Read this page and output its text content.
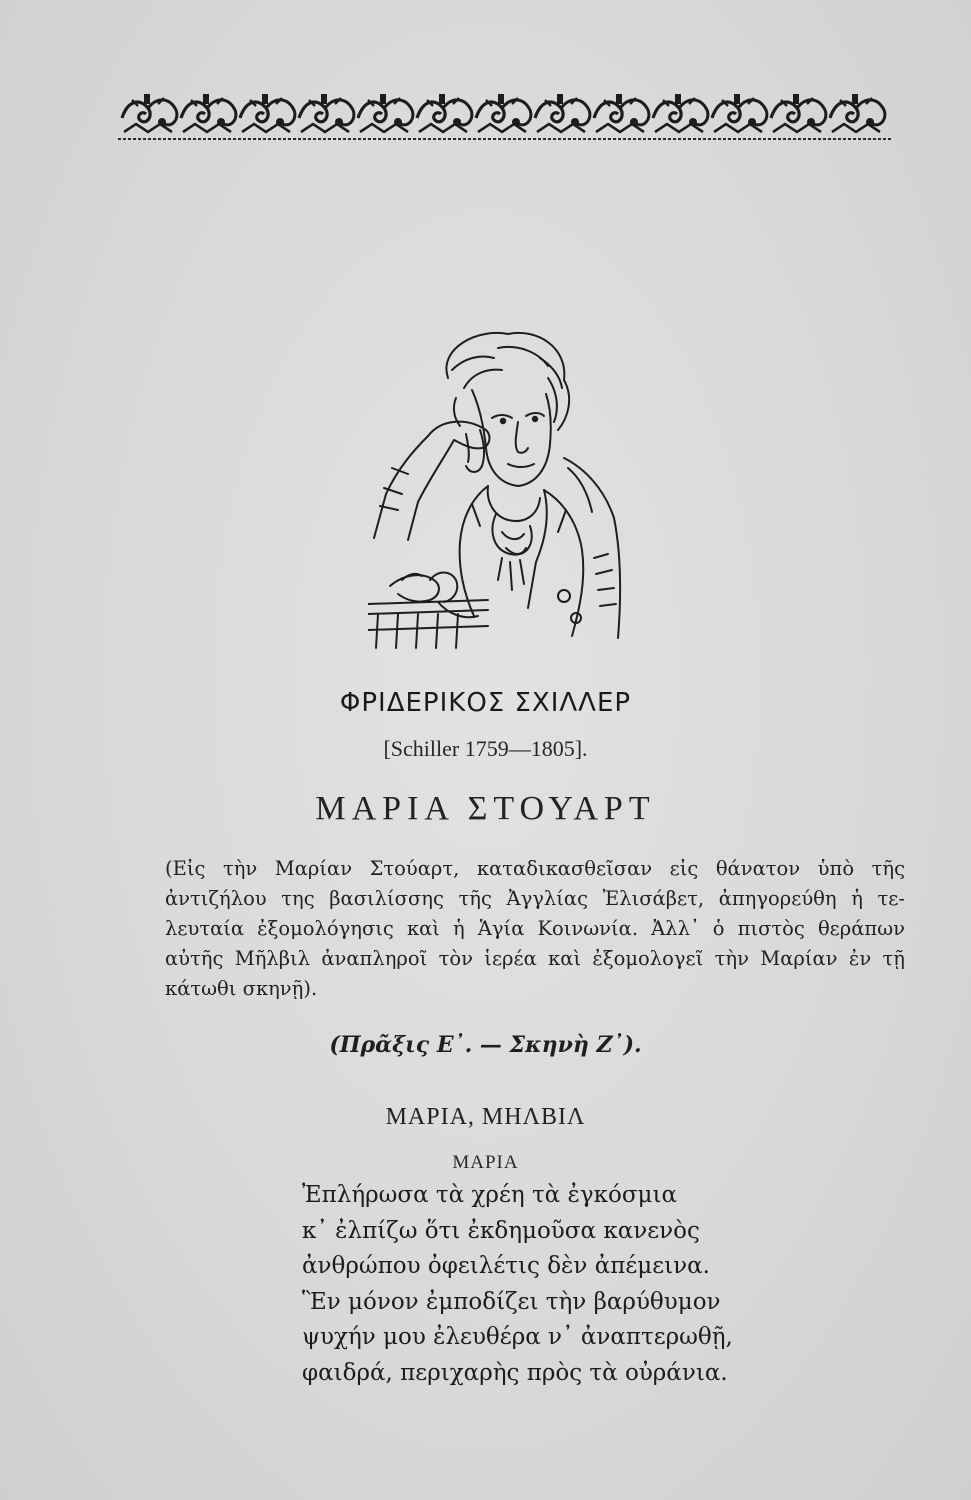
ΦΡΙΔΕΡΙΚΟΣ ΣΧΙΛΛΕΡ
[Schiller 1759—1805].
ΜΑΡΙΑ ΣΤΟΥΑΡΤ
(Εἰς τὴν Μαρίαν Στούαρτ, καταδικασθεῖσαν εἰς θάνατον ὑπὸ τῆς
ἀντιζήλου της βασιλίσσης τῆς Ἀγγλίας Ἐλισάβετ, ἀπηγορεύθη ἡ τε-
λευταία ἐξομολόγησις καὶ ἡ Ἁγία Κοινωνία. Ἀλλ᾽ ὁ πιστὸς θεράπων
αὐτῆς Μῆλβιλ ἀναπληροῖ τὸν ἱερέα καὶ ἐξομολογεῖ τὴν Μαρίαν ἐν τῇ
κάτωθι σκηνῇ).
(Πρᾶξις Ε᾽. — Σκηνὴ Ζ᾽).
ΜΑΡΙΑ, ΜΗΛΒΙΛ
ΜΑΡΙΑ
Ἐπλήρωσα τὰ χρέη τὰ ἐγκόσμια
κ᾽ ἐλπίζω ὅτι ἐκδημοῦσα κανενὸς
ἀνθρώπου ὀφειλέτις δὲν ἀπέμεινα.
Ἓν μόνον ἐμποδίζει τὴν βαρύθυμον
ψυχήν μου ἐλευθέρα ν᾽ ἀναπτερωθῇ,
φαιδρά, περιχαρὴς πρὸς τὰ οὐράνια.
